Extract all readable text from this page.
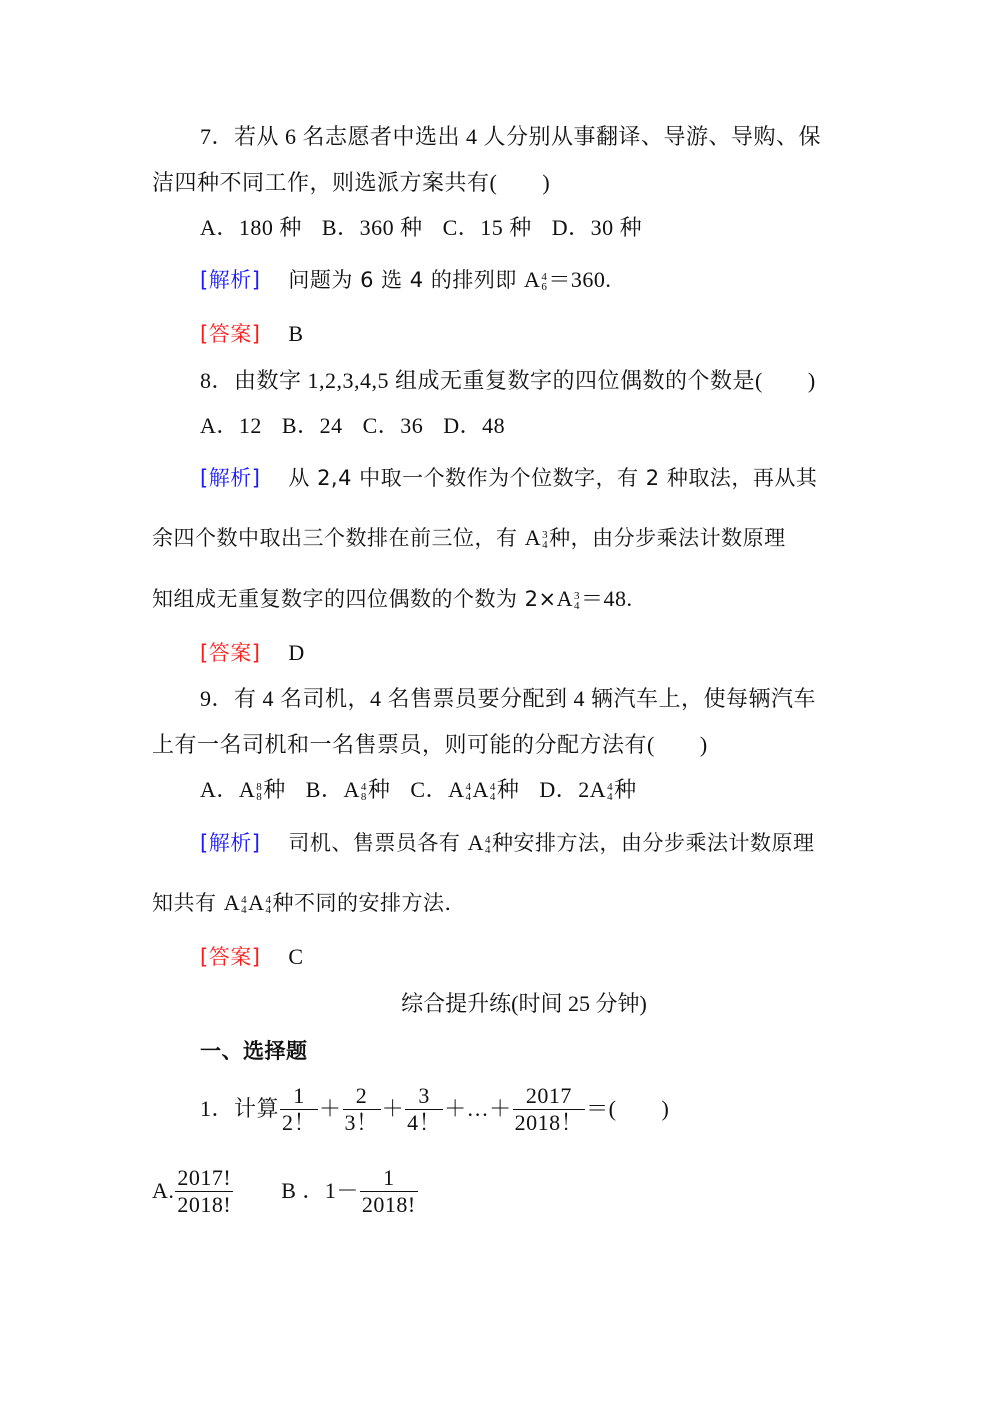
7．若从 6 名志愿者中选出 4 人分别从事翻译、导游、导购、保
洁四种不同工作，则选派方案共有(　　)
A．180 种 B．360 种 C．15 种 D．30 种
[解析] 问题为 6 选 4 的排列即 A 4
6 ＝360.
[答案] B
8．由数字 1,2,3,4,5 组成无重复数字的四位偶数的个数是(　　)
A．12 B．24 C．36 D．48
[解析] 从 2,4 中取一个数作为个位数字，有 2 种取法，再从其
余四个数中取出三个数排在前三位，有 A 3
4 种，由分步乘法计数原理
知组成无重复数字的四位偶数的个数为 2×A 3
4 ＝48.
[答案] D
9．有 4 名司机，4 名售票员要分配到 4 辆汽车上，使每辆汽车
上有一名司机和一名售票员，则可能的分配方法有(　　)
A．A 8
8 种 B．A 4
8 种 C．A 4
4 A 4
4 种 D．2A 4
4 种
[解析] 司机、售票员各有 A 4
4 种安排方法，由分步乘法计数原理
知共有 A 4
4 A 4
4 种不同的安排方法．
[答案] C
综合提升练(时间 25 分钟)
一、选择题
1．计算 $\frac{1}{2!} + \frac{2}{3!} + \frac{3}{4!}$ ＋…＋ $\frac{2017}{2018!}$ ＝(　　)
A. $\frac{2017!}{2018!}$ B ．$1- \frac{1}{2018!}$
